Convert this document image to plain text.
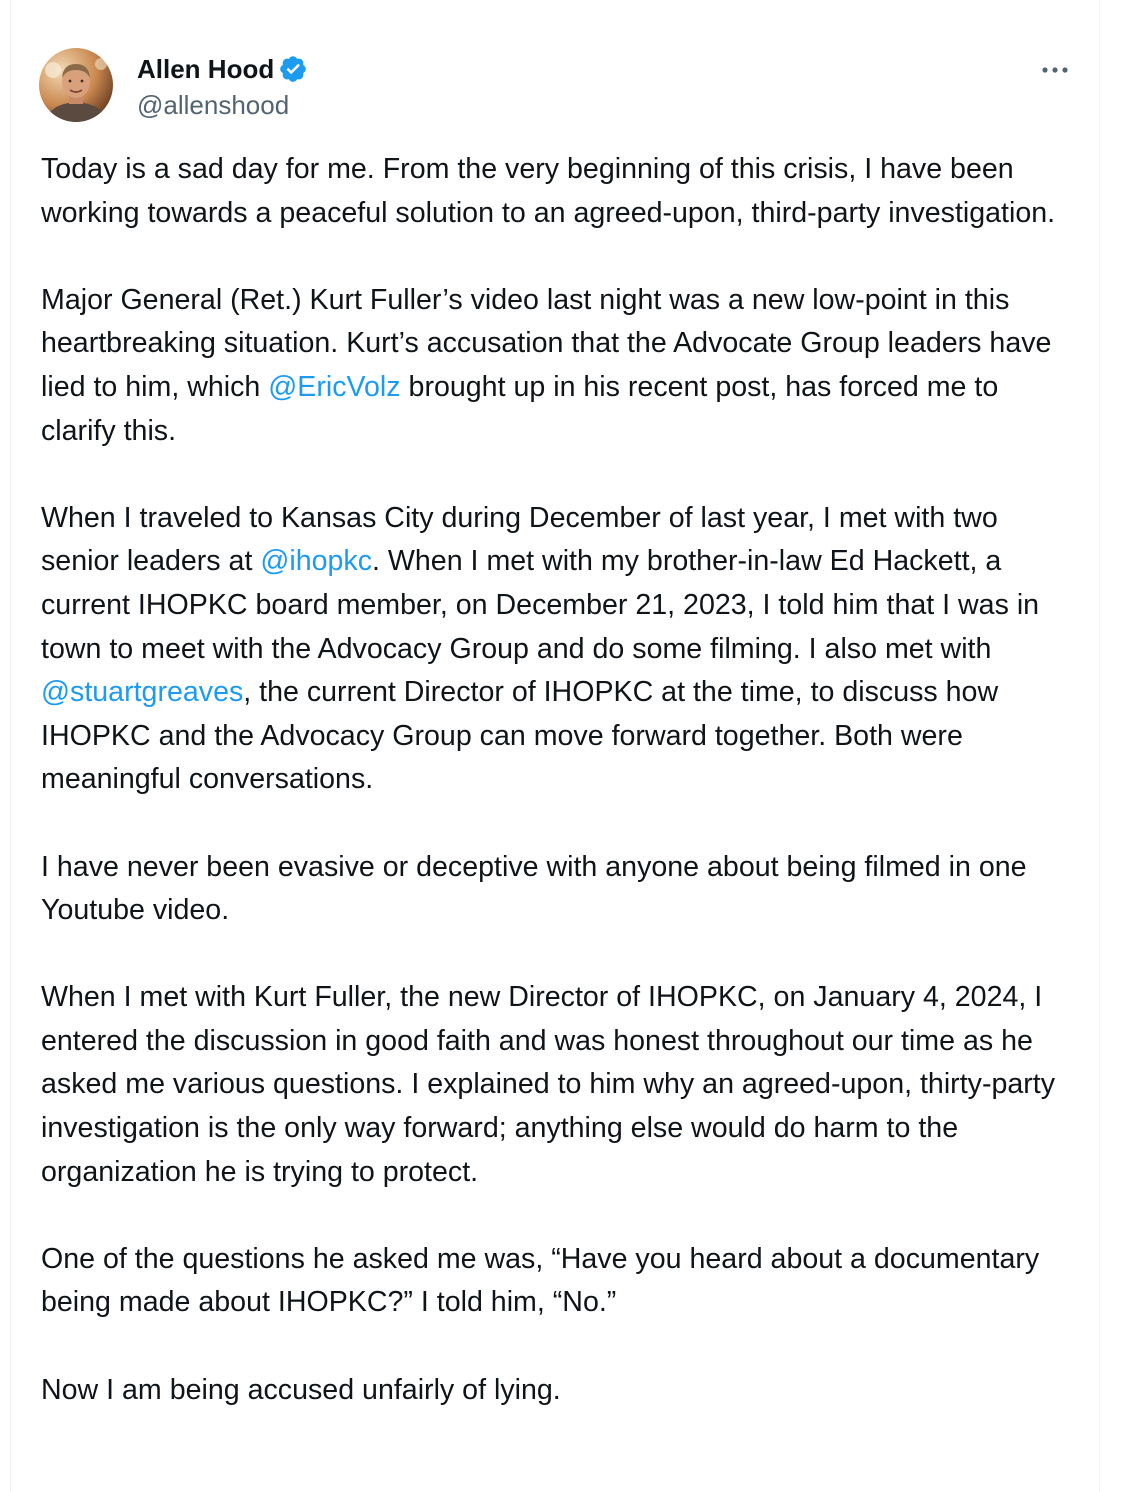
Allen Hood
@allenshood

Today is a sad day for me. From the very beginning of this crisis, I have been working towards a peaceful solution to an agreed-upon, third-party investigation.

Major General (Ret.) Kurt Fuller’s video last night was a new low-point in this heartbreaking situation. Kurt’s accusation that the Advocate Group leaders have lied to him, which @EricVolz brought up in his recent post, has forced me to clarify this.

When I traveled to Kansas City during December of last year, I met with two senior leaders at @ihopkc. When I met with my brother-in-law Ed Hackett, a current IHOPKC board member, on December 21, 2023, I told him that I was in town to meet with the Advocacy Group and do some filming. I also met with @stuartgreaves, the current Director of IHOPKC at the time, to discuss how IHOPKC and the Advocacy Group can move forward together. Both were meaningful conversations.

I have never been evasive or deceptive with anyone about being filmed in one Youtube video.

When I met with Kurt Fuller, the new Director of IHOPKC, on January 4, 2024, I entered the discussion in good faith and was honest throughout our time as he asked me various questions. I explained to him why an agreed-upon, thirty-party investigation is the only way forward; anything else would do harm to the organization he is trying to protect.

One of the questions he asked me was, “Have you heard about a documentary being made about IHOPKC?” I told him, “No.”

Now I am being accused unfairly of lying.
